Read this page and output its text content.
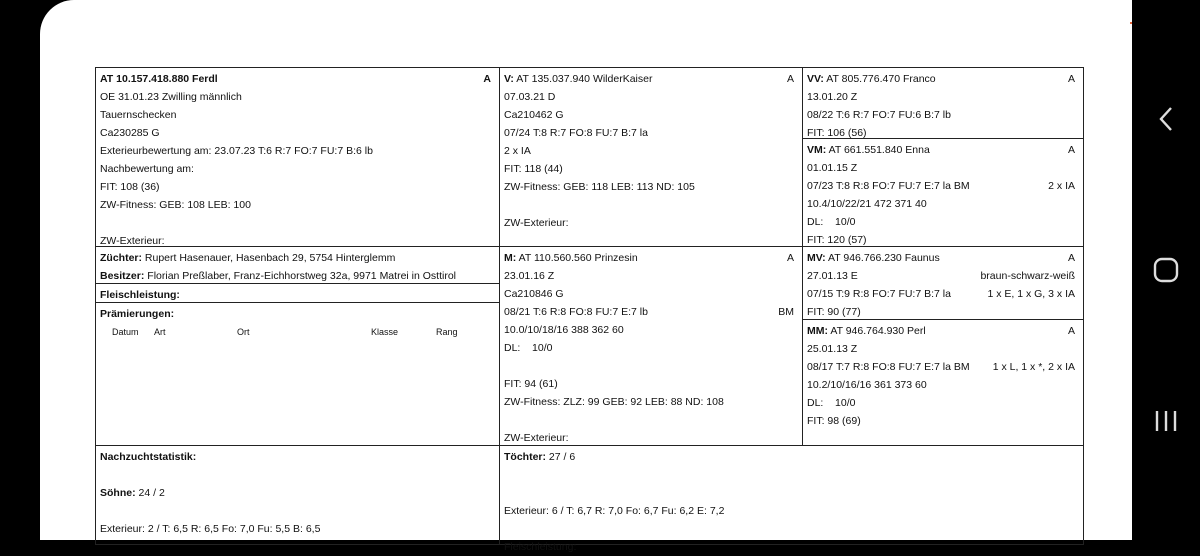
AT 10.157.418.880 Ferdl	A
OE 31.01.23 Zwilling männlich
Tauernschecken
Ca230285 G
Exterieurbewertung am: 23.07.23 T:6 R:7 FO:7 FU:7 B:6 lb
Nachbewertung am:
FIT: 108 (36)
ZW-Fitness: GEB: 108 LEB: 100
ZW-Exterieur:
Züchter: Rupert Hasenauer, Hasenbach 29, 5754 Hinterglemm
Besitzer: Florian Preßlaber, Franz-Eichhorstweg 32a, 9971 Matrei in Osttirol
Fleischleistung:
Prämierungen:
Datum Art	Ort	Klasse	Rang
V: AT 135.037.940 WilderKaiser	A
07.03.21 D
Ca210462 G
07/24 T:8 R:7 FO:8 FU:7 B:7 la
2 x IA
FIT: 118 (44)
ZW-Fitness: GEB: 118 LEB: 113 ND: 105
ZW-Exterieur:
M: AT 110.560.560 Prinzesin	A
23.01.16 Z
Ca210846 G
08/21 T:6 R:8 FO:8 FU:7 E:7 lb	BM
10.0/10/18/16 388 362 60
DL: 10/0
FIT: 94 (61)
ZW-Fitness: ZLZ: 99 GEB: 92 LEB: 88 ND: 108
ZW-Exterieur:
VV: AT 805.776.470 Franco	A
13.01.20 Z
08/22 T:6 R:7 FO:7 FU:6 B:7 lb
FIT: 106 (56)
VM: AT 661.551.840 Enna	A
01.01.15 Z
07/23 T:8 R:8 FO:7 FU:7 E:7 la BM	2 x IA
10.4/10/22/21 472 371 40
DL: 10/0
FIT: 120 (57)
MV: AT 946.766.230 Faunus	A
27.01.13 E	braun-schwarz-weiß
07/15 T:9 R:8 FO:7 FU:7 B:7 la	1 x E, 1 x G, 3 x IA
FIT: 90 (77)
MM: AT 946.764.930 Perl	A
25.01.13 Z
08/17 T:7 R:8 FO:8 FU:7 E:7 la BM 1 x L, 1 x *, 2 x IA
10.2/10/16/16 361 373 60
DL: 10/0
FIT: 98 (69)
Nachzuchtstatistik:
Söhne: 24 / 2
Exterieur: 2 / T: 6,5 R: 6,5 Fo: 7,0 Fu: 5,5 B: 6,5
Töchter: 27 / 6
Exterieur: 6 / T: 6,7 R: 7,0 Fo: 6,7 Fu: 6,2 E: 7,2
Fleischleistung:
